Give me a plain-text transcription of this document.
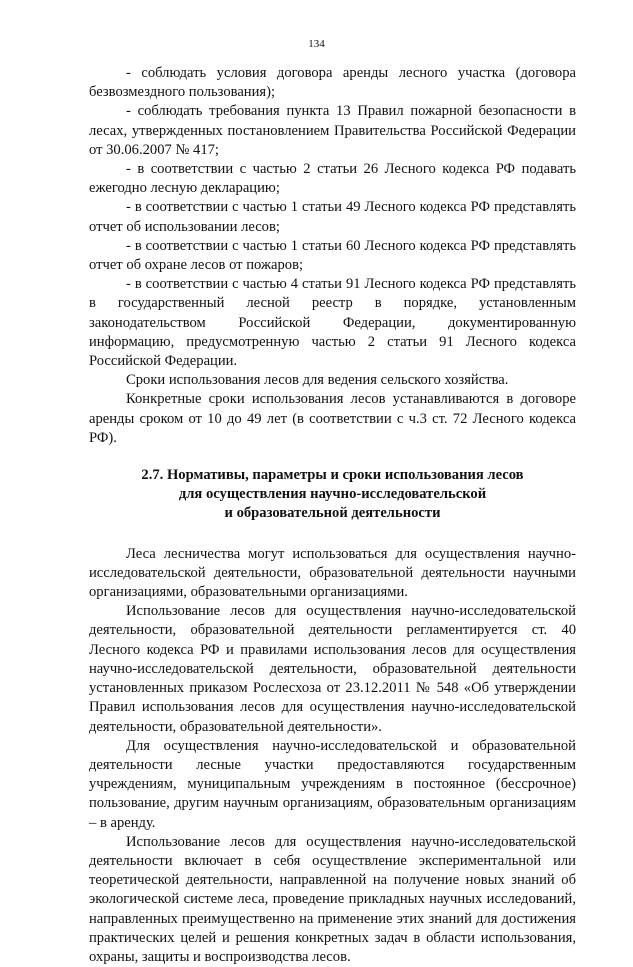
134

- соблюдать условия договора аренды лесного участка (договора безвозмездного пользования);

- соблюдать требования пункта 13 Правил пожарной безопасности в лесах, утвержденных постановлением Правительства Российской Федерации от 30.06.2007 № 417;

- в соответствии с частью 2 статьи 26 Лесного кодекса РФ подавать ежегодно лесную декларацию;

- в соответствии с частью 1 статьи 49 Лесного кодекса РФ представлять отчет об использовании лесов;

- в соответствии с частью 1 статьи 60 Лесного кодекса РФ представлять отчет об охране лесов от пожаров;

- в соответствии с частью 4 статьи 91 Лесного кодекса РФ представлять в государственный лесной реестр в порядке, установленным законодательством Российской Федерации, документированную информацию, предусмотренную частью 2 статьи 91 Лесного кодекса Российской Федерации.

Сроки использования лесов для ведения сельского хозяйства.

Конкретные сроки использования лесов устанавливаются в договоре аренды сроком от 10 до 49 лет (в соответствии с ч.3 ст. 72 Лесного кодекса РФ).

2.7. Нормативы, параметры и сроки использования лесов
для осуществления научно-исследовательской
и образовательной деятельности

Леса лесничества могут использоваться для осуществления научно-исследовательской деятельности, образовательной деятельности научными организациями, образовательными организациями.

Использование лесов для осуществления научно-исследовательской деятельности, образовательной деятельности регламентируется ст. 40 Лесного кодекса РФ и правилами использования лесов для осуществления научно-исследовательской деятельности, образовательной деятельности установленных приказом Рослесхоза от 23.12.2011 № 548 «Об утверждении Правил использования лесов для осуществления научно-исследовательской деятельности, образовательной деятельности».

Для осуществления научно-исследовательской и образовательной деятельности лесные участки предоставляются государственным учреждениям, муниципальным учреждениям в постоянное (бессрочное) пользование, другим научным организациям, образовательным организациям – в аренду.

Использование лесов для осуществления научно-исследовательской деятельности включает в себя осуществление экспериментальной или теоретической деятельности, направленной на получение новых знаний об экологической системе леса, проведение прикладных научных исследований, направленных преимущественно на применение этих знаний для достижения практических целей и решения конкретных задач в области использования, охраны, защиты и воспроизводства лесов.
